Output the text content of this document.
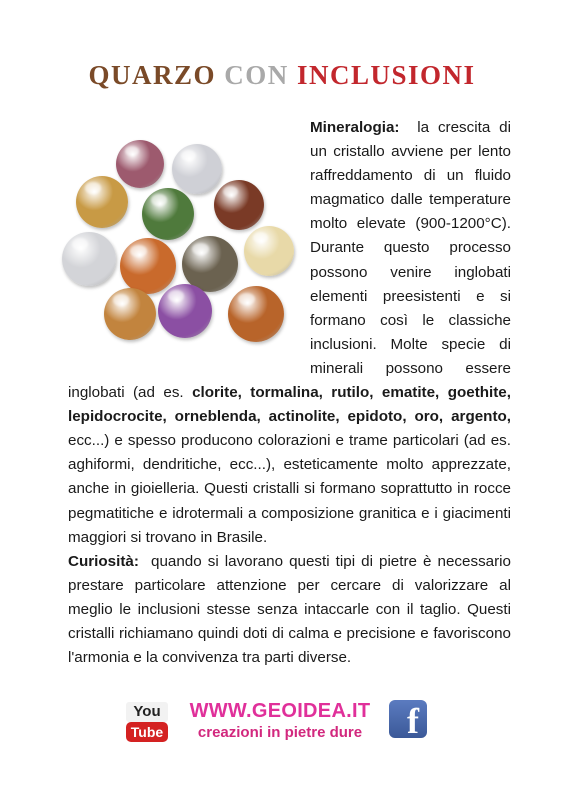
QUARZO CON INCLUSIONI

Mineralogia: la crescita di un cristallo avviene per lento raffreddamento di un fluido magmatico dalle temperature molto elevate (900-1200°C). Durante questo processo possono venire inglobati elementi preesistenti e si formano così le classiche inclusioni. Molte specie di minerali possono essere inglobati (ad es. clorite, tormalina, rutilo, ematite, goethite, lepidocrocite, orneblenda, actinolite, epidoto, oro, argento, ecc...) e spesso producono colorazioni e trame particolari (ad es. aghiformi, dendritiche, ecc...), esteticamente molto apprezzate, anche in gioielleria. Questi cristalli si formano soprattutto in rocce pegmatitiche e idrotermali a composizione granitica e i giacimenti maggiori si trovano in Brasile.

Curiosità: quando si lavorano questi tipi di pietre è necessario prestare particolare attenzione per cercare di valorizzare al meglio le inclusioni stesse senza intaccarle con il taglio. Questi cristalli richiamano quindi doti di calma e precisione e favoriscono l'armonia e la convivenza tra parti diverse.

You
Tube
WWW.GEOIDEA.IT
creazioni in pietre dure	f
